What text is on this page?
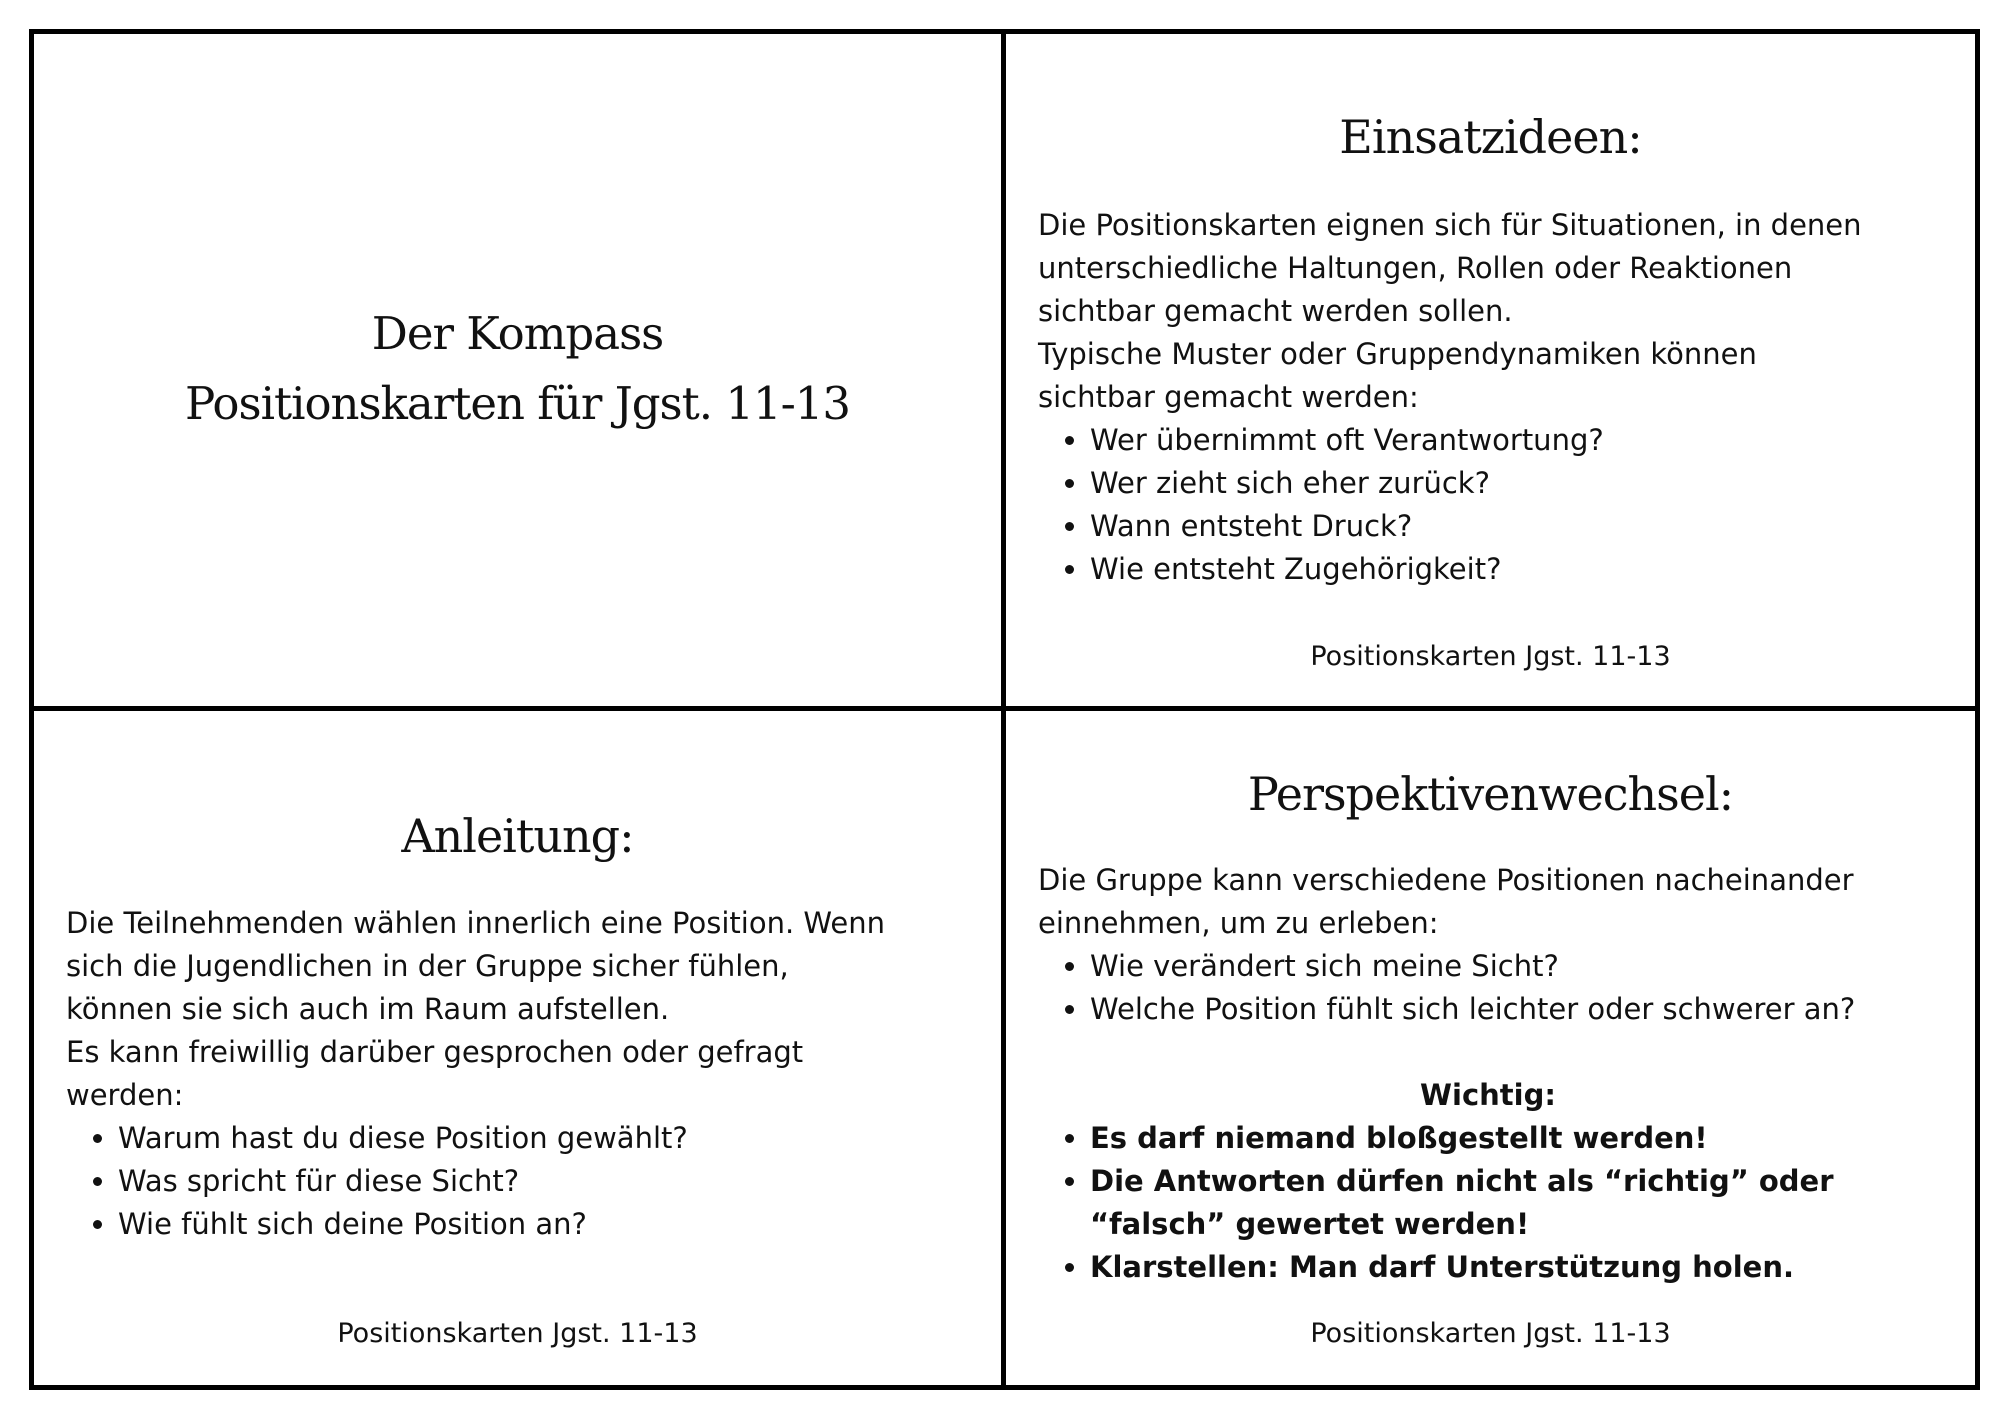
Der Kompass
Positionskarten für Jgst. 11-13
Einsatzideen:

Die Positionskarten eignen sich für Situationen, in denen

unterschiedliche Haltungen, Rollen oder Reaktionen

sichtbar gemacht werden sollen.

Typische Muster oder Gruppendynamiken können

sichtbar gemacht werden:

• Wer übernimmt oft Verantwortung?
• Wer zieht sich eher zurück?
• Wann entsteht Druck?
• Wie entsteht Zugehörigkeit?
Positionskarten Jgst. 11-13
Anleitung:

Die Teilnehmenden wählen innerlich eine Position. Wenn

sich die Jugendlichen in der Gruppe sicher fühlen,

können sie sich auch im Raum aufstellen.

Es kann freiwillig darüber gesprochen oder gefragt

werden:

• Warum hast du diese Position gewählt?
• Was spricht für diese Sicht?
• Wie fühlt sich deine Position an?
Positionskarten Jgst. 11-13
Perspektivenwechsel:

Die Gruppe kann verschiedene Positionen nacheinander

einnehmen, um zu erleben:

• Wie verändert sich meine Sicht?
• Welche Position fühlt sich leichter oder schwerer an?

Wichtig:

• Es darf niemand bloßgestellt werden!
• Die Antworten dürfen nicht als “richtig” oder
“falsch” gewertet werden!
• Klarstellen: Man darf Unterstützung holen.
Positionskarten Jgst. 11-13
